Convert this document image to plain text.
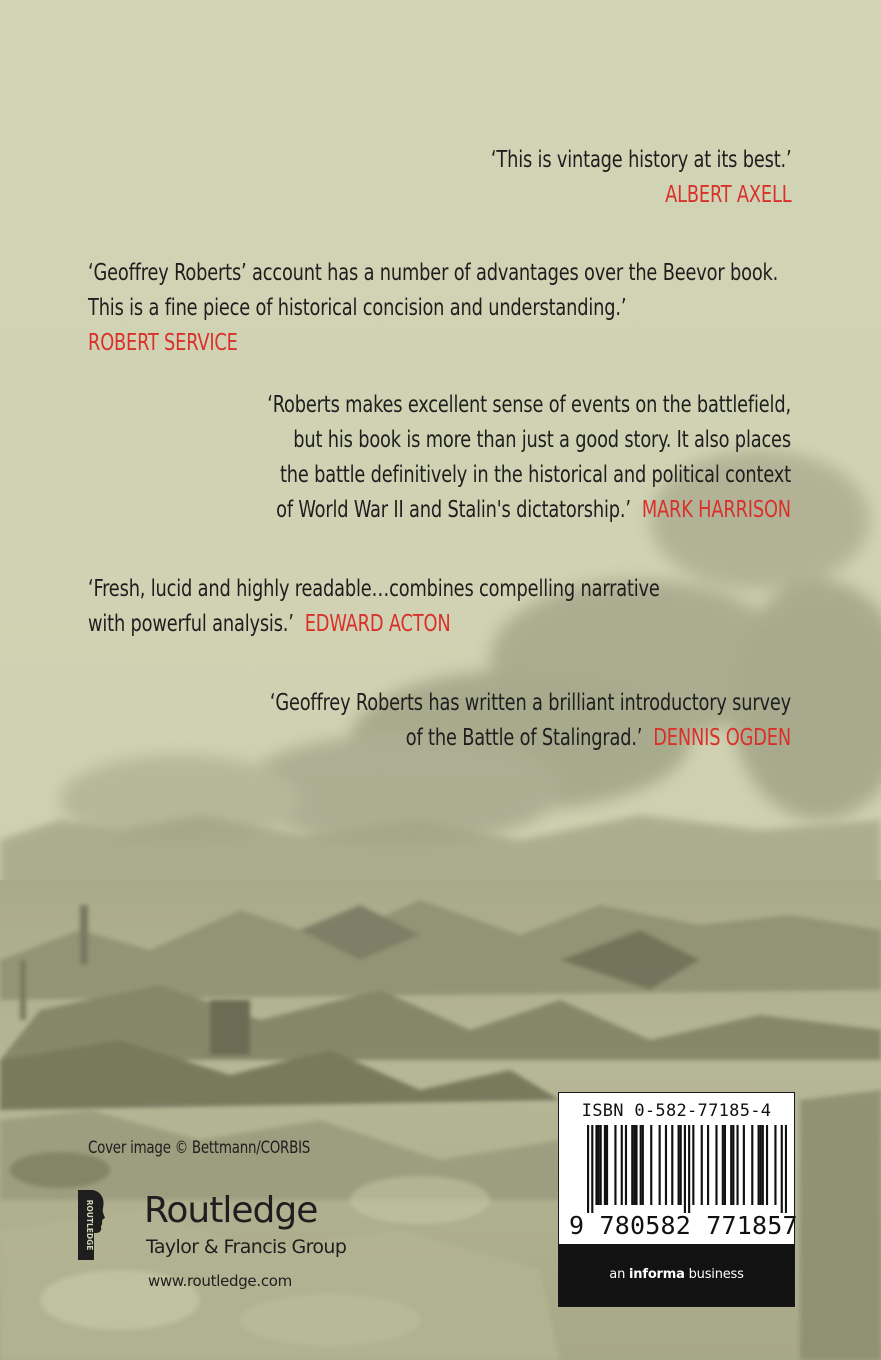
‘This is vintage history at its best.’
ALBERT AXELL
‘Geoffrey Roberts’ account has a number of advantages over the Beevor book.
This is a fine piece of historical concision and understanding.’
ROBERT SERVICE
‘Roberts makes excellent sense of events on the battlefield,
but his book is more than just a good story. It also places
the battle definitively in the historical and political context
of World War II and Stalin's dictatorship.’ MARK HARRISON
‘Fresh, lucid and highly readable…combines compelling narrative
with powerful analysis.’ EDWARD ACTON
‘Geoffrey Roberts has written a brilliant introductory survey
of the Battle of Stalingrad.’ DENNIS OGDEN
Cover image © Bettmann/CORBIS
ROUTLEDGE Routledge
Taylor & Francis Group
www.routledge.com
ISBN 0-582-77185-4
9 780582 771857
an informa business
